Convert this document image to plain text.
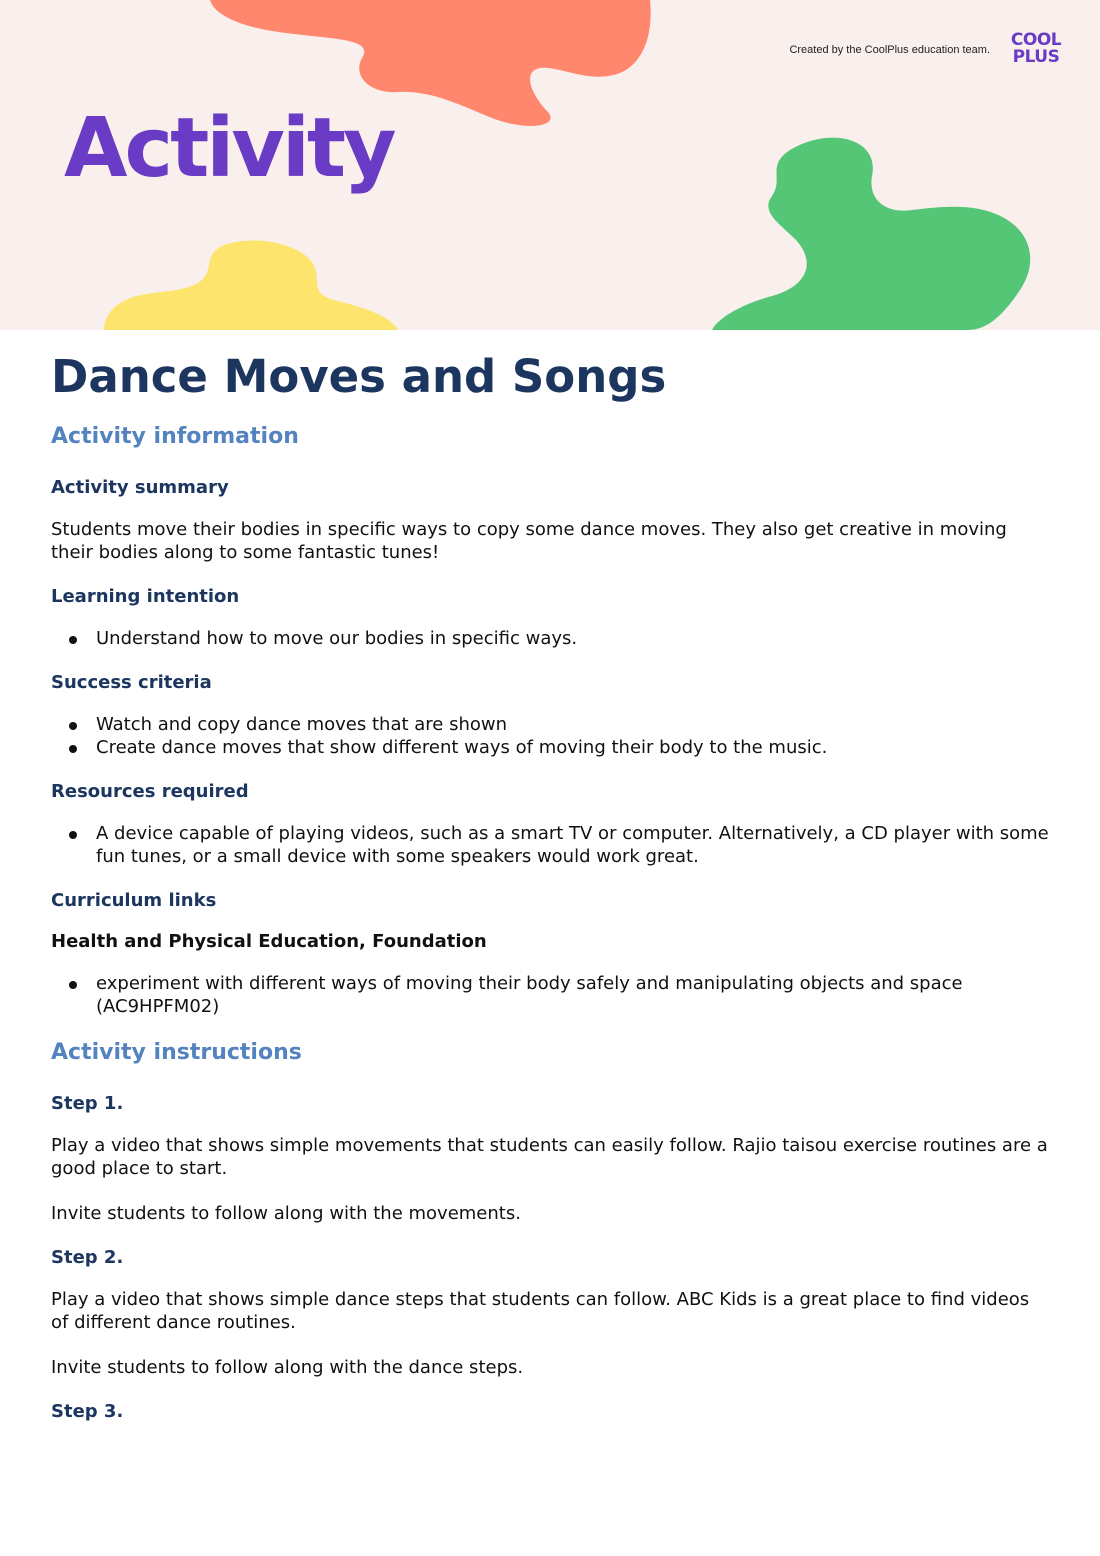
Created by the CoolPlus education team.	COOL
PLUS
Activity
Dance Moves and Songs
Activity information
Activity summary

Students move their bodies in specific ways to copy some dance moves. They also get creative in moving their bodies along to some fantastic tunes!

Learning intention
Understand how to move our bodies in specific ways.
Success criteria
Watch and copy dance moves that are shown
Create dance moves that show different ways of moving their body to the music.
Resources required
A device capable of playing videos, such as a smart TV or computer. Alternatively, a CD player with some fun tunes, or a small device with some speakers would work great.
Curriculum links
Health and Physical Education, Foundation
experiment with different ways of moving their body safely and manipulating objects and space (AC9HPFM02)
Activity instructions
Step 1.

Play a video that shows simple movements that students can easily follow. Rajio taisou exercise routines are a good place to start.

Invite students to follow along with the movements.

Step 2.

Play a video that shows simple dance steps that students can follow. ABC Kids is a great place to find videos of different dance routines.

Invite students to follow along with the dance steps.

Step 3.
